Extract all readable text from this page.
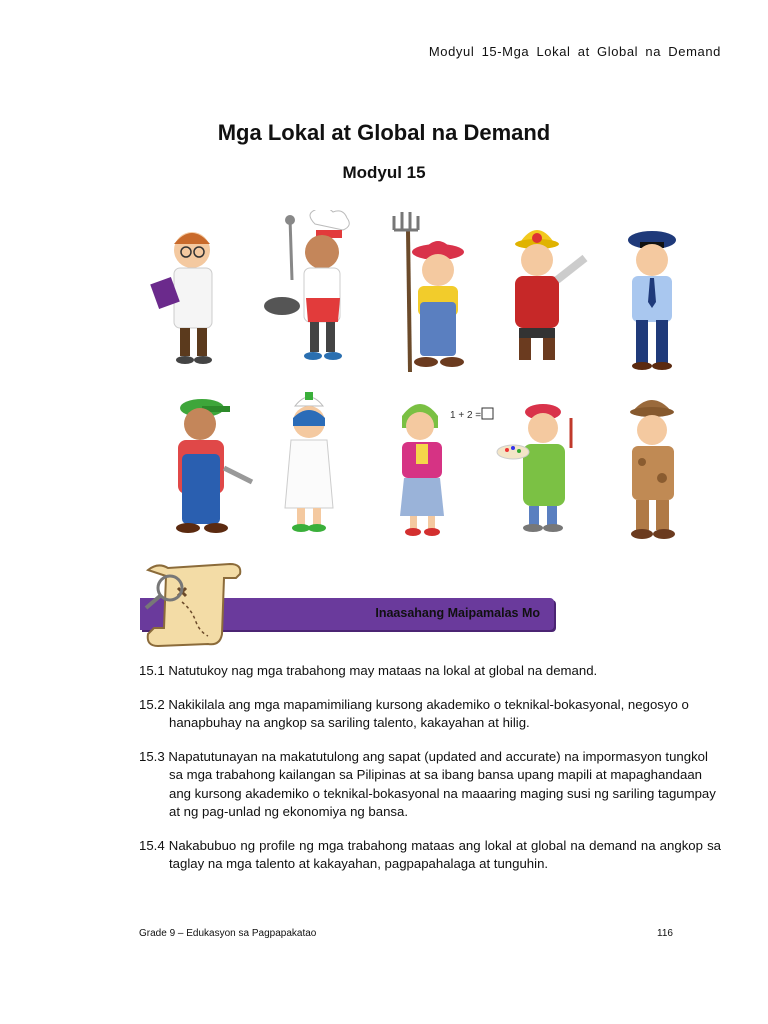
Modyul 15-Mga Lokal at Global na Demand
Mga Lokal at Global na Demand
Modyul 15
1 + 2 =
Inaasahang Maipamalas Mo

15.1 Natutukoy nag mga trabahong may mataas na lokal at global na demand.

15.2 Nakikilala ang mga mapamimiliang kursong akademiko o teknikal-bokasyonal, negosyo o hanapbuhay na angkop sa sariling talento, kakayahan at hilig.

15.3 Napatutunayan na makatutulong ang sapat (updated and accurate) na impormasyon tungkol sa mga trabahong kailangan sa Pilipinas at sa ibang bansa upang mapili at mapaghandaan ang kursong akademiko o teknikal-bokasyonal na maaaring maging susi ng sariling tagumpay at ng pag-unlad ng ekonomiya ng bansa.

15.4 Nakabubuo ng profile ng mga trabahong mataas ang lokal at global na demand na angkop sa taglay na mga talento at kakayahan, pagpapahalaga at tunguhin.

Grade 9 – Edukasyon sa Pagpapakatao	116
